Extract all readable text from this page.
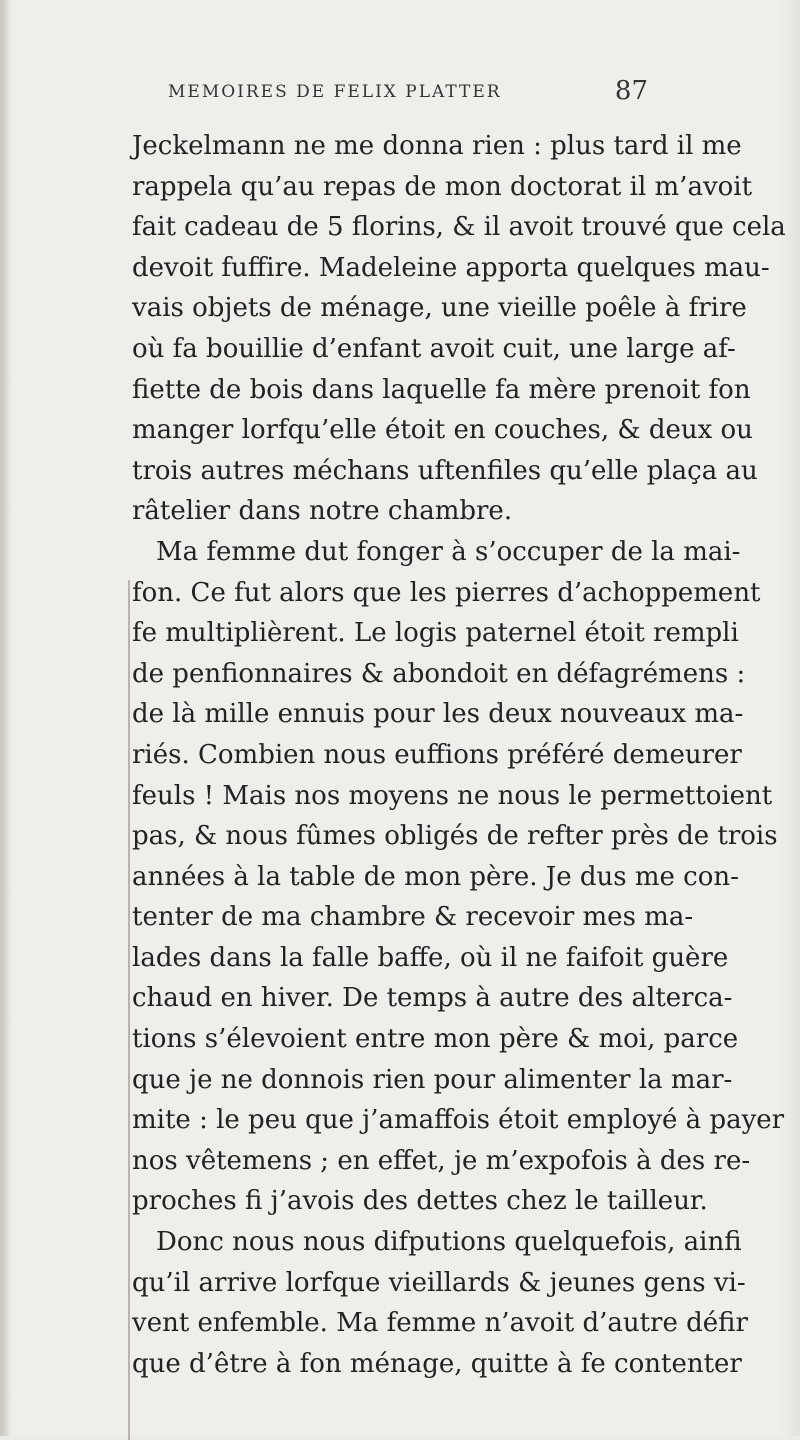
MEMOIRES DE FELIX PLATTER	87
Jeckelmann ne me donna rien : plus tard il me
rappela qu’au repas de mon doctorat il m’avoit
fait cadeau de 5 florins, & il avoit trouvé que cela
devoit fuffire. Madeleine apporta quelques mau-
vais objets de ménage, une vieille poêle à frire
où fa bouillie d’enfant avoit cuit, une large af-
fiette de bois dans laquelle fa mère prenoit fon
manger lorfqu’elle étoit en couches, & deux ou
trois autres méchans uftenfiles qu’elle plaça au
râtelier dans notre chambre.
Ma femme dut fonger à s’occuper de la mai-
fon. Ce fut alors que les pierres d’achoppement
fe multiplièrent. Le logis paternel étoit rempli
de penfionnaires & abondoit en défagrémens :
de là mille ennuis pour les deux nouveaux ma-
riés. Combien nous euffions préféré demeurer
feuls ! Mais nos moyens ne nous le permettoient
pas, & nous fûmes obligés de refter près de trois
années à la table de mon père. Je dus me con-
tenter de ma chambre & recevoir mes ma-
lades dans la falle baffe, où il ne faifoit guère
chaud en hiver. De temps à autre des alterca-
tions s’élevoient entre mon père & moi, parce
que je ne donnois rien pour alimenter la mar-
mite : le peu que j’amaffois étoit employé à payer
nos vêtemens ; en effet, je m’expofois à des re-
proches fi j’avois des dettes chez le tailleur.
Donc nous nous difputions quelquefois, ainfi
qu’il arrive lorfque vieillards & jeunes gens vi-
vent enfemble. Ma femme n’avoit d’autre défir
que d’être à fon ménage, quitte à fe contenter
